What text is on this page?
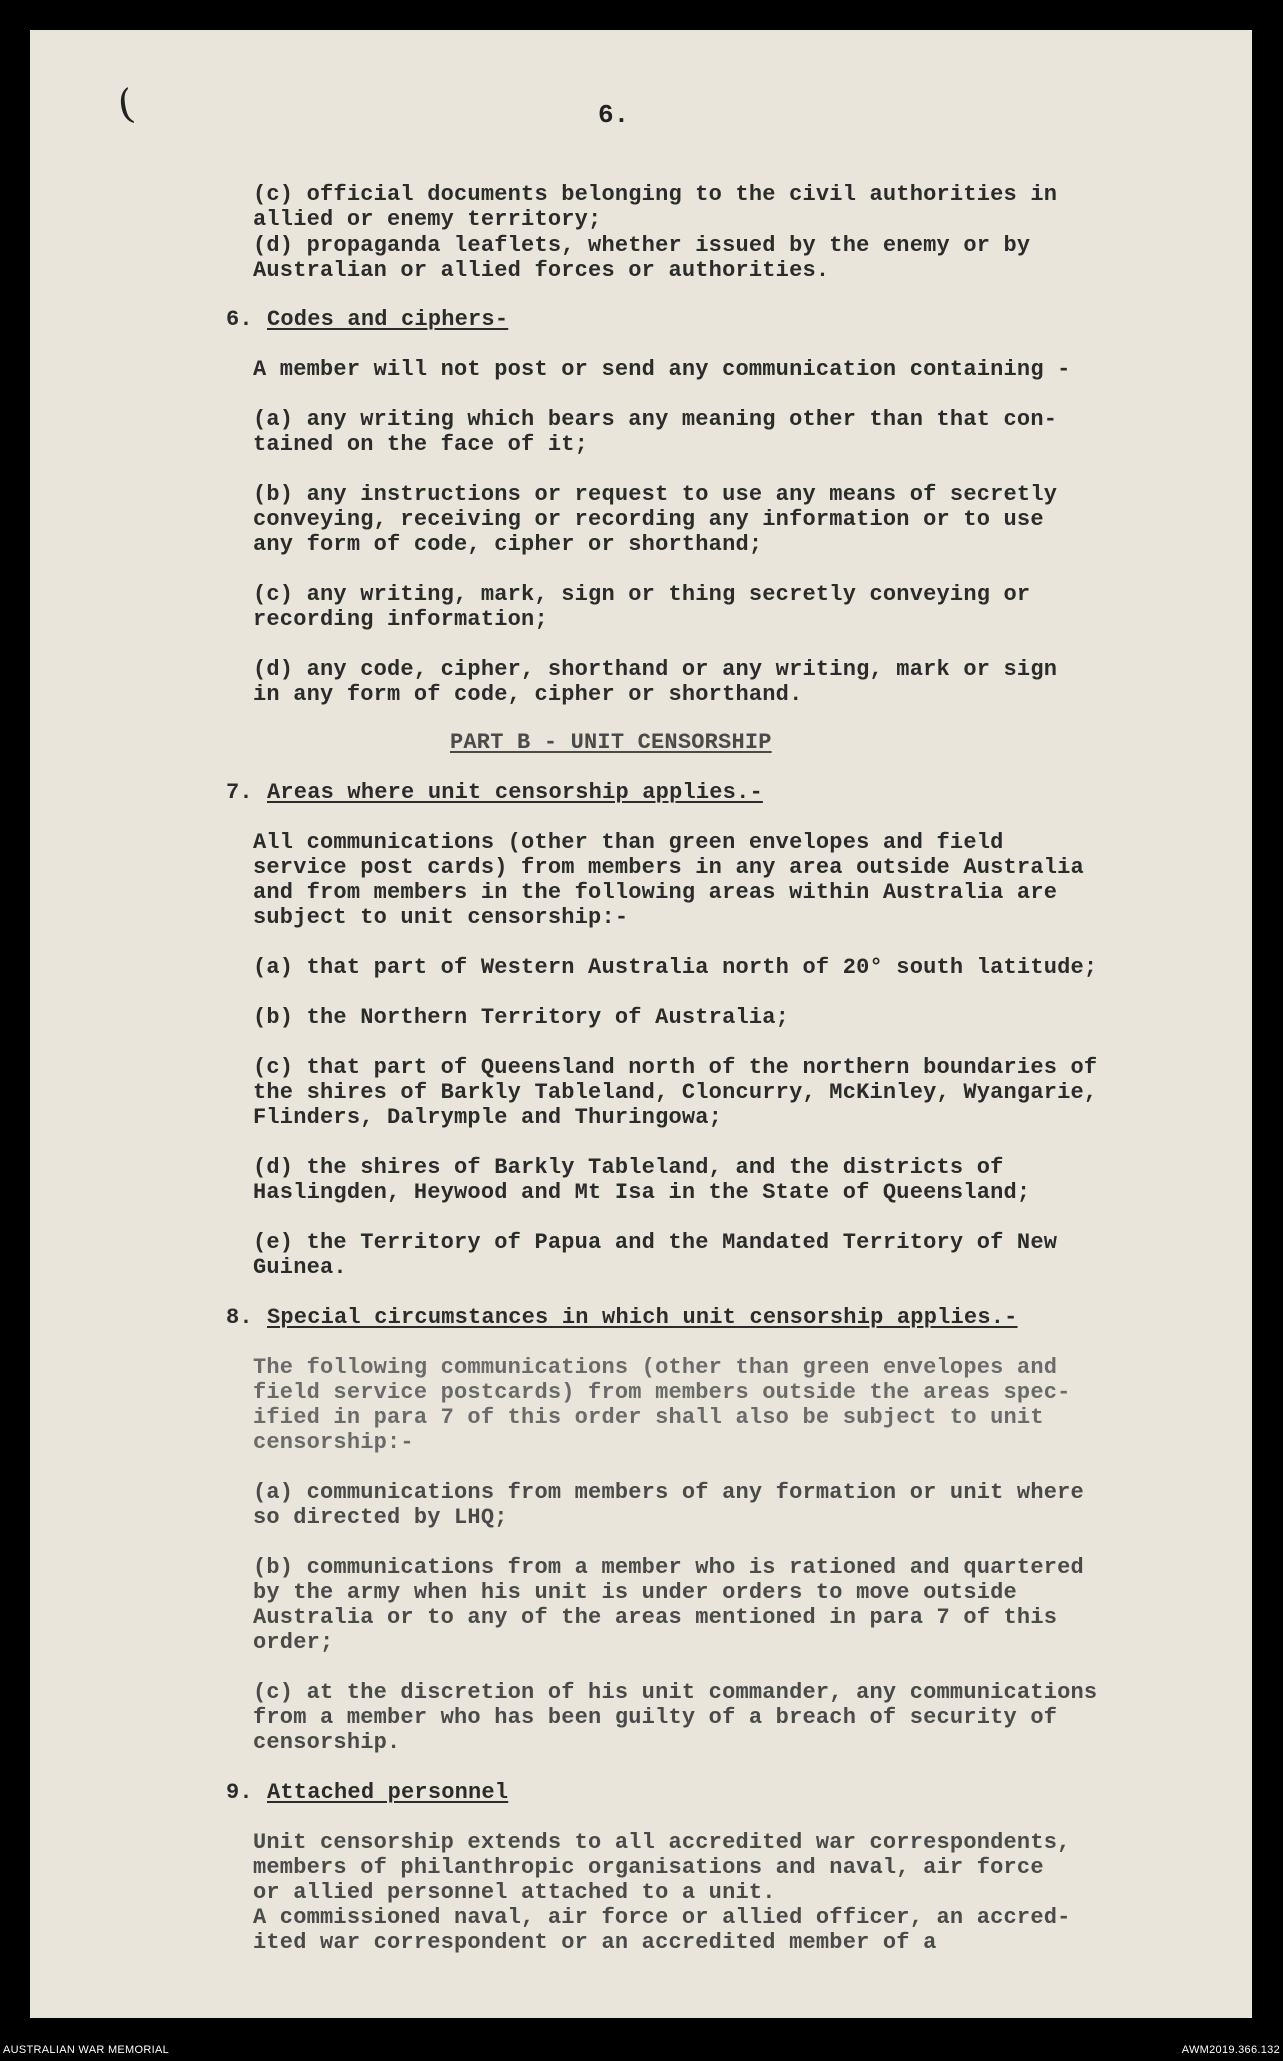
(	6.
(c) official documents belonging to the civil authorities in
allied or enemy territory;
(d) propaganda leaflets, whether issued by the enemy or by
Australian or allied forces or authorities.
6. Codes and ciphers-
A member will not post or send any communication containing -
(a) any writing which bears any meaning other than that con-
tained on the face of it;
(b) any instructions or request to use any means of secretly
conveying, receiving or recording any information or to use
any form of code, cipher or shorthand;
(c) any writing, mark, sign or thing secretly conveying or
recording information;
(d) any code, cipher, shorthand or any writing, mark or sign
in any form of code, cipher or shorthand.
PART B - UNIT CENSORSHIP
7. Areas where unit censorship applies.-
All communications (other than green envelopes and field
service post cards) from members in any area outside Australia
and from members in the following areas within Australia are
subject to unit censorship:-
(a) that part of Western Australia north of 20° south latitude;
(b) the Northern Territory of Australia;
(c) that part of Queensland north of the northern boundaries of
the shires of Barkly Tableland, Cloncurry, McKinley, Wyangarie,
Flinders, Dalrymple and Thuringowa;
(d) the shires of Barkly Tableland, and the districts of
Haslingden, Heywood and Mt Isa in the State of Queensland;
(e) the Territory of Papua and the Mandated Territory of New
Guinea.
8. Special circumstances in which unit censorship applies.-
The following communications (other than green envelopes and
field service postcards) from members outside the areas spec-
ified in para 7 of this order shall also be subject to unit
censorship:-
(a) communications from members of any formation or unit where
so directed by LHQ;
(b) communications from a member who is rationed and quartered
by the army when his unit is under orders to move outside
Australia or to any of the areas mentioned in para 7 of this
order;
(c) at the discretion of his unit commander, any communications
from a member who has been guilty of a breach of security of
censorship.
9. Attached personnel
Unit censorship extends to all accredited war correspondents,
members of philanthropic organisations and naval, air force
or allied personnel attached to a unit.
A commissioned naval, air force or allied officer, an accred-
ited war correspondent or an accredited member of a
AUSTRALIAN WAR MEMORIAL	AWM2019.366.132
